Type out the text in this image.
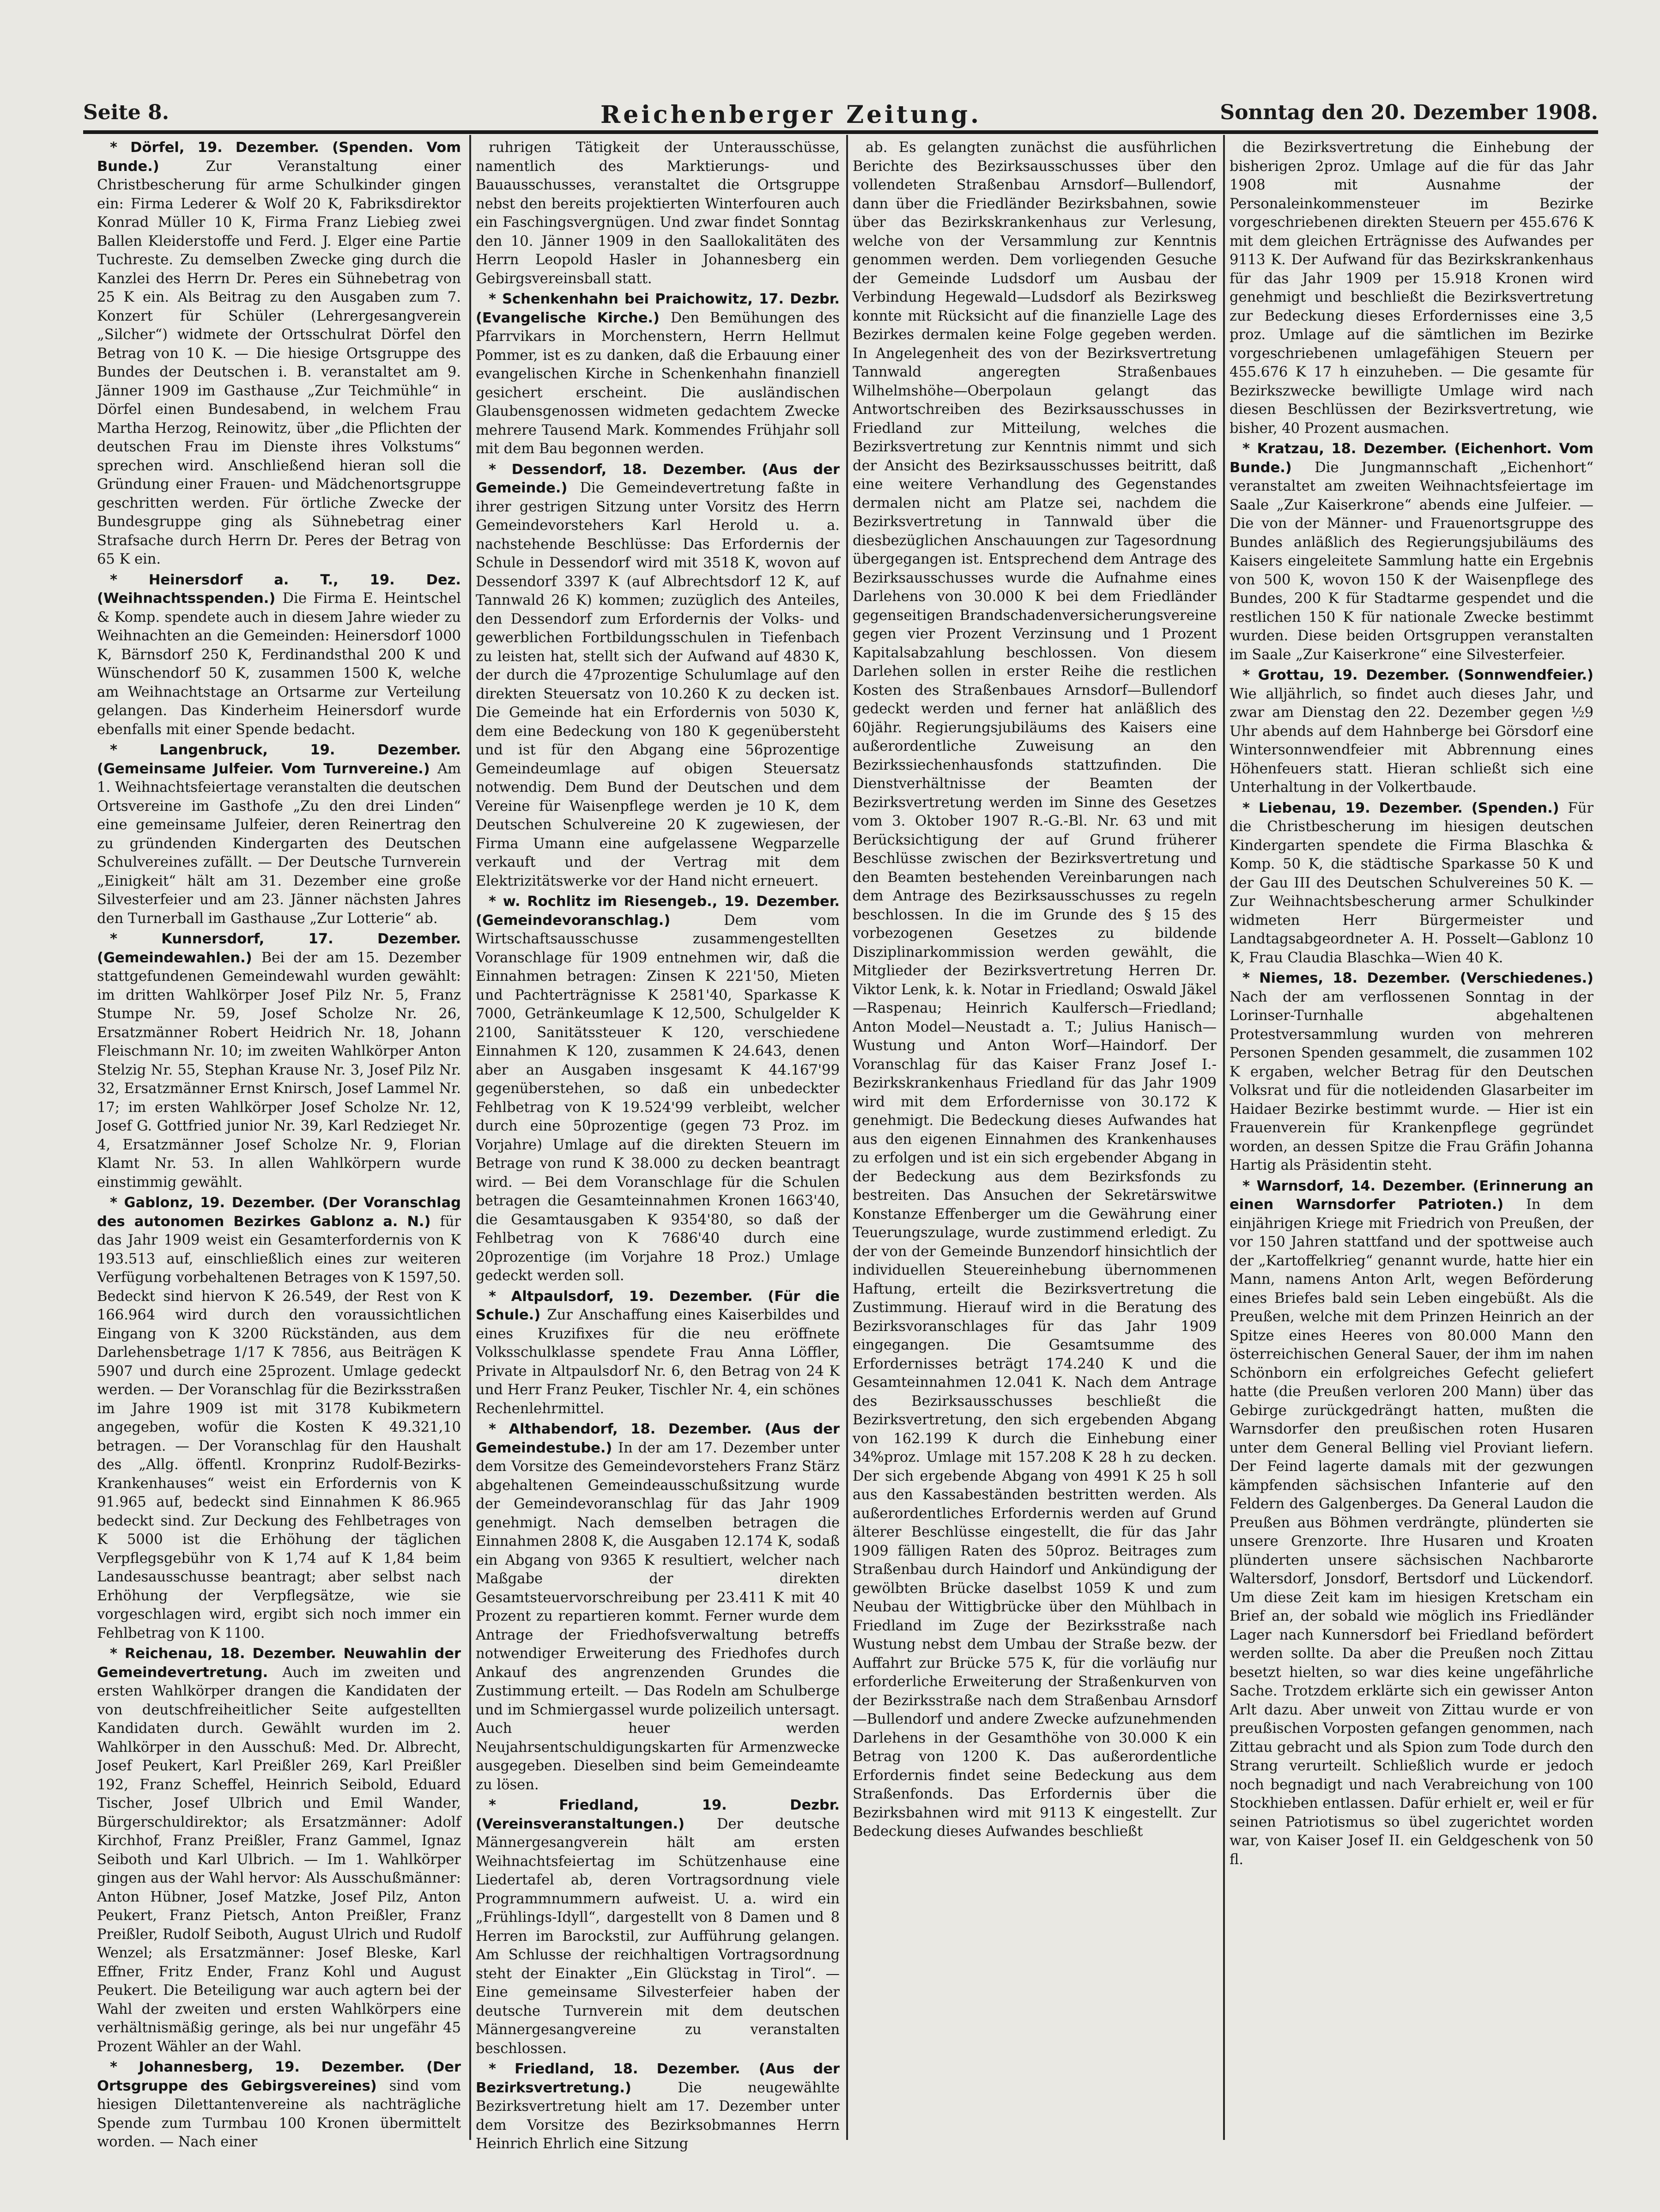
Seite 8.	Reichenberger Zeitung.	Sonntag den 20. Dezember 1908.

* Dörfel, 19. Dezember. (Spenden. Vom Bunde.) Zur Veranstaltung einer Christbescherung für arme Schulkinder gingen ein: Firma Lederer & Wolf 20 K, Fabriksdirektor Konrad Müller 10 K, Firma Franz Liebieg zwei Ballen Kleiderstoffe und Ferd. J. Elger eine Partie Tuchreste. Zu demselben Zwecke ging durch die Kanzlei des Herrn Dr. Peres ein Sühnebetrag von 25 K ein. Als Beitrag zu den Ausgaben zum 7. Konzert für Schüler (Lehrergesangverein „Silcher“) widmete der Ortsschulrat Dörfel den Betrag von 10 K. — Die hiesige Ortsgruppe des Bundes der Deutschen i. B. veranstaltet am 9. Jänner 1909 im Gasthause „Zur Teichmühle“ in Dörfel einen Bundesabend, in welchem Frau Martha Herzog, Reinowitz, über „die Pflichten der deutschen Frau im Dienste ihres Volkstums“ sprechen wird. Anschließend hieran soll die Gründung einer Frauen- und Mädchenortsgruppe geschritten werden. Für örtliche Zwecke der Bundesgruppe ging als Sühnebetrag einer Strafsache durch Herrn Dr. Peres der Betrag von 65 K ein.

* Heinersdorf a. T., 19. Dez. (Weihnachtsspenden.) Die Firma E. Heintschel & Komp. spendete auch in diesem Jahre wieder zu Weihnachten an die Gemeinden: Heinersdorf 1000 K, Bärnsdorf 250 K, Ferdinandsthal 200 K und Wünschendorf 50 K, zusammen 1500 K, welche am Weihnachtstage an Ortsarme zur Verteilung gelangen. Das Kinderheim Heinersdorf wurde ebenfalls mit einer Spende bedacht.

* Langenbruck, 19. Dezember. (Gemeinsame Julfeier. Vom Turnvereine.) Am 1. Weihnachtsfeiertage veranstalten die deutschen Ortsvereine im Gasthofe „Zu den drei Linden“ eine gemeinsame Julfeier, deren Reinertrag den zu gründenden Kindergarten des Deutschen Schulvereines zufällt. — Der Deutsche Turnverein „Einigkeit“ hält am 31. Dezember eine große Silvesterfeier und am 23. Jänner nächsten Jahres den Turnerball im Gasthause „Zur Lotterie“ ab.

* Kunnersdorf, 17. Dezember. (Gemeindewahlen.) Bei der am 15. Dezember stattgefundenen Gemeindewahl wurden gewählt: im dritten Wahlkörper Josef Pilz Nr. 5, Franz Stumpe Nr. 59, Josef Scholze Nr. 26, Ersatzmänner Robert Heidrich Nr. 18, Johann Fleischmann Nr. 10; im zweiten Wahlkörper Anton Stelzig Nr. 55, Stephan Krause Nr. 3, Josef Pilz Nr. 32, Ersatzmänner Ernst Knirsch, Josef Lammel Nr. 17; im ersten Wahlkörper Josef Scholze Nr. 12, Josef G. Gottfried junior Nr. 39, Karl Redzieget Nr. 4, Ersatzmänner Josef Scholze Nr. 9, Florian Klamt Nr. 53. In allen Wahlkörpern wurde einstimmig gewählt.

* Gablonz, 19. Dezember. (Der Voranschlag des autonomen Bezirkes Gablonz a. N.) für das Jahr 1909 weist ein Gesamterfordernis von K 193.513 auf, einschließlich eines zur weiteren Verfügung vorbehaltenen Betrages von K 1597,50. Bedeckt sind hiervon K 26.549, der Rest von K 166.964 wird durch den voraussichtlichen Eingang von K 3200 Rückständen, aus dem Darlehensbetrage 1/17 K 7856, aus Beiträgen K 5907 und durch eine 25prozent. Umlage gedeckt werden. — Der Voranschlag für die Bezirksstraßen im Jahre 1909 ist mit 3178 Kubikmetern angegeben, wofür die Kosten K 49.321,10 betragen. — Der Voranschlag für den Haushalt des „Allg. öffentl. Kronprinz Rudolf-Bezirks-Krankenhauses“ weist ein Erfordernis von K 91.965 auf, bedeckt sind Einnahmen K 86.965 bedeckt sind. Zur Deckung des Fehlbetrages von K 5000 ist die Erhöhung der täglichen Verpflegsgebühr von K 1,74 auf K 1,84 beim Landesausschusse beantragt; aber selbst nach Erhöhung der Verpflegsätze, wie sie vorgeschlagen wird, ergibt sich noch immer ein Fehlbetrag von K 1100.

* Reichenau, 18. Dezember. Neuwahlin der Gemeindevertretung. Auch im zweiten und ersten Wahlkörper drangen die Kandidaten der von deutschfreiheitlicher Seite aufgestellten Kandidaten durch. Gewählt wurden im 2. Wahlkörper in den Ausschuß: Med. Dr. Albrecht, Josef Peukert, Karl Preißler 269, Karl Preißler 192, Franz Scheffel, Heinrich Seibold, Eduard Tischer, Josef Ulbrich und Emil Wander, Bürgerschuldirektor; als Ersatzmänner: Adolf Kirchhof, Franz Preißler, Franz Gammel, Ignaz Seiboth und Karl Ulbrich. — Im 1. Wahlkörper gingen aus der Wahl hervor: Als Ausschußmänner: Anton Hübner, Josef Matzke, Josef Pilz, Anton Peukert, Franz Pietsch, Anton Preißler, Franz Preißler, Rudolf Seiboth, August Ulrich und Rudolf Wenzel; als Ersatzmänner: Josef Bleske, Karl Effner, Fritz Ender, Franz Kohl und August Peukert. Die Beteiligung war auch agtern bei der Wahl der zweiten und ersten Wahlkörpers eine verhältnismäßig geringe, als bei nur ungefähr 45 Prozent Wähler an der Wahl.

* Johannesberg, 19. Dezember. (Der Ortsgruppe des Gebirgsvereines) sind vom hiesigen Dilettantenvereine als nachträgliche Spende zum Turmbau 100 Kronen übermittelt worden. — Nach einer

ruhrigen Tätigkeit der Unterausschüsse, namentlich des Marktierungs- und Bauausschusses, veranstaltet die Ortsgruppe nebst den bereits projektierten Winterfouren auch ein Faschingsvergnügen. Und zwar findet Sonntag den 10. Jänner 1909 in den Saallokalitäten des Herrn Leopold Hasler in Johannesberg ein Gebirgsvereinsball statt.

* Schenkenhahn bei Praichowitz, 17. Dezbr. (Evangelische Kirche.) Den Bemühungen des Pfarrvikars in Morchenstern, Herrn Hellmut Pommer, ist es zu danken, daß die Erbauung einer evangelischen Kirche in Schenkenhahn finanziell gesichert erscheint. Die ausländischen Glaubensgenossen widmeten gedachtem Zwecke mehrere Tausend Mark. Kommendes Frühjahr soll mit dem Bau begonnen werden.

* Dessendorf, 18. Dezember. (Aus der Gemeinde.) Die Gemeindevertretung faßte in ihrer gestrigen Sitzung unter Vorsitz des Herrn Gemeindevorstehers Karl Herold u. a. nachstehende Beschlüsse: Das Erfordernis der Schule in Dessendorf wird mit 3518 K, wovon auf Dessendorf 3397 K (auf Albrechtsdorf 12 K, auf Tannwald 26 K) kommen; zuzüglich des Anteiles, den Dessendorf zum Erfordernis der Volks- und gewerblichen Fortbildungsschulen in Tiefenbach zu leisten hat, stellt sich der Aufwand auf 4830 K, der durch die 47prozentige Schulumlage auf den direkten Steuersatz von 10.260 K zu decken ist. Die Gemeinde hat ein Erfordernis von 5030 K, dem eine Bedeckung von 180 K gegenübersteht und ist für den Abgang eine 56prozentige Gemeindeumlage auf obigen Steuersatz notwendig. Dem Bund der Deutschen und dem Vereine für Waisenpflege werden je 10 K, dem Deutschen Schulvereine 20 K zugewiesen, der Firma Umann eine aufgelassene Wegparzelle verkauft und der Vertrag mit dem Elektrizitätswerke vor der Hand nicht erneuert.

* w. Rochlitz im Riesengeb., 19. Dezember. (Gemeindevoranschlag.) Dem vom Wirtschaftsausschusse zusammengestellten Voranschlage für 1909 entnehmen wir, daß die Einnahmen betragen: Zinsen K 221'50, Mieten und Pachterträgnisse K 2581'40, Sparkasse K 7000, Getränkeumlage K 12,500, Schulgelder K 2100, Sanitätssteuer K 120, verschiedene Einnahmen K 120, zusammen K 24.643, denen aber an Ausgaben insgesamt K 44.167'99 gegenüberstehen, so daß ein unbedeckter Fehlbetrag von K 19.524'99 verbleibt, welcher durch eine 50prozentige (gegen 73 Proz. im Vorjahre) Umlage auf die direkten Steuern im Betrage von rund K 38.000 zu decken beantragt wird. — Bei dem Voranschlage für die Schulen betragen die Gesamteinnahmen Kronen 1663'40, die Gesamtausgaben K 9354'80, so daß der Fehlbetrag von K 7686'40 durch eine 20prozentige (im Vorjahre 18 Proz.) Umlage gedeckt werden soll.

* Altpaulsdorf, 19. Dezember. (Für die Schule.) Zur Anschaffung eines Kaiserbildes und eines Kruzifixes für die neu eröffnete Volksschulklasse spendete Frau Anna Löffler, Private in Altpaulsdorf Nr. 6, den Betrag von 24 K und Herr Franz Peuker, Tischler Nr. 4, ein schönes Rechenlehrmittel.

* Althabendorf, 18. Dezember. (Aus der Gemeindestube.) In der am 17. Dezember unter dem Vorsitze des Gemeindevorstehers Franz Stärz abgehaltenen Gemeindeausschußsitzung wurde der Gemeindevoranschlag für das Jahr 1909 genehmigt. Nach demselben betragen die Einnahmen 2808 K, die Ausgaben 12.174 K, sodaß ein Abgang von 9365 K resultiert, welcher nach Maßgabe der direkten Gesamtsteuervorschreibung per 23.411 K mit 40 Prozent zu repartieren kommt. Ferner wurde dem Antrage der Friedhofsverwaltung betreffs notwendiger Erweiterung des Friedhofes durch Ankauf des angrenzenden Grundes die Zustimmung erteilt. — Das Rodeln am Schulberge und im Schmiergassel wurde polizeilich untersagt. Auch heuer werden Neujahrsentschuldigungskarten für Armenzwecke ausgegeben. Dieselben sind beim Gemeindeamte zu lösen.

* Friedland, 19. Dezbr. (Vereinsveranstaltungen.) Der deutsche Männergesangverein hält am ersten Weihnachtsfeiertag im Schützenhause eine Liedertafel ab, deren Vortragsordnung viele Programmnummern aufweist. U. a. wird ein „Frühlings-Idyll“, dargestellt von 8 Damen und 8 Herren im Barockstil, zur Aufführung gelangen. Am Schlusse der reichhaltigen Vortragsordnung steht der Einakter „Ein Glückstag in Tirol“. — Eine gemeinsame Silvesterfeier haben der deutsche Turnverein mit dem deutschen Männergesangvereine zu veranstalten beschlossen.

* Friedland, 18. Dezember. (Aus der Bezirksvertretung.) Die neugewählte Bezirksvertretung hielt am 17. Dezember unter dem Vorsitze des Bezirksobmannes Herrn Heinrich Ehrlich eine Sitzung

ab. Es gelangten zunächst die ausführlichen Berichte des Bezirksausschusses über den vollendeten Straßenbau Arnsdorf—Bullendorf, dann über die Friedländer Bezirksbahnen, sowie über das Bezirkskrankenhaus zur Verlesung, welche von der Versammlung zur Kenntnis genommen werden. Dem vorliegenden Gesuche der Gemeinde Ludsdorf um Ausbau der Verbindung Hegewald—Ludsdorf als Bezirksweg konnte mit Rücksicht auf die finanzielle Lage des Bezirkes dermalen keine Folge gegeben werden. In Angelegenheit des von der Bezirksvertretung Tannwald angeregten Straßenbaues Wilhelmshöhe—Oberpolaun gelangt das Antwortschreiben des Bezirksausschusses in Friedland zur Mitteilung, welches die Bezirksvertretung zur Kenntnis nimmt und sich der Ansicht des Bezirksausschusses beitritt, daß eine weitere Verhandlung des Gegenstandes dermalen nicht am Platze sei, nachdem die Bezirksvertretung in Tannwald über die diesbezüglichen Anschauungen zur Tagesordnung übergegangen ist. Entsprechend dem Antrage des Bezirksausschusses wurde die Aufnahme eines Darlehens von 30.000 K bei dem Friedländer gegenseitigen Brandschadenversicherungsvereine gegen vier Prozent Verzinsung und 1 Prozent Kapitalsabzahlung beschlossen. Von diesem Darlehen sollen in erster Reihe die restlichen Kosten des Straßenbaues Arnsdorf—Bullendorf gedeckt werden und ferner hat anläßlich des 60jähr. Regierungsjubiläums des Kaisers eine außerordentliche Zuweisung an den Bezirkssiechenhausfonds stattzufinden. Die Dienstverhältnisse der Beamten der Bezirksvertretung werden im Sinne des Gesetzes vom 3. Oktober 1907 R.-G.-Bl. Nr. 63 und mit Berücksichtigung der auf Grund früherer Beschlüsse zwischen der Bezirksvertretung und den Beamten bestehenden Vereinbarungen nach dem Antrage des Bezirksausschusses zu regeln beschlossen. In die im Grunde des § 15 des vorbezogenen Gesetzes zu bildende Disziplinarkommission werden gewählt, die Mitglieder der Bezirksvertretung Herren Dr. Viktor Lenk, k. k. Notar in Friedland; Oswald Jäkel—Raspenau; Heinrich Kaulfersch—Friedland; Anton Model—Neustadt a. T.; Julius Hanisch—Wustung und Anton Worf—Haindorf. Der Voranschlag für das Kaiser Franz Josef I.-Bezirkskrankenhaus Friedland für das Jahr 1909 wird mit dem Erfordernisse von 30.172 K genehmigt. Die Bedeckung dieses Aufwandes hat aus den eigenen Einnahmen des Krankenhauses zu erfolgen und ist ein sich ergebender Abgang in der Bedeckung aus dem Bezirksfonds zu bestreiten. Das Ansuchen der Sekretärswitwe Konstanze Effenberger um die Gewährung einer Teuerungszulage, wurde zustimmend erledigt. Zu der von der Gemeinde Bunzendorf hinsichtlich der individuellen Steuereinhebung übernommenen Haftung, erteilt die Bezirksvertretung die Zustimmung. Hierauf wird in die Beratung des Bezirksvoranschlages für das Jahr 1909 eingegangen. Die Gesamtsumme des Erfordernisses beträgt 174.240 K und die Gesamteinnahmen 12.041 K. Nach dem Antrage des Bezirksausschusses beschließt die Bezirksvertretung, den sich ergebenden Abgang von 162.199 K durch die Einhebung einer 34%proz. Umlage mit 157.208 K 28 h zu decken. Der sich ergebende Abgang von 4991 K 25 h soll aus den Kassabeständen bestritten werden. Als außerordentliches Erfordernis werden auf Grund älterer Beschlüsse eingestellt, die für das Jahr 1909 fälligen Raten des 50proz. Beitrages zum Straßenbau durch Haindorf und Ankündigung der gewölbten Brücke daselbst 1059 K und zum Neubau der Wittigbrücke über den Mühlbach in Friedland im Zuge der Bezirksstraße nach Wustung nebst dem Umbau der Straße bezw. der Auffahrt zur Brücke 575 K, für die vorläufig nur erforderliche Erweiterung der Straßenkurven von der Bezirksstraße nach dem Straßenbau Arnsdorf—Bullendorf und andere Zwecke aufzunehmenden Darlehens in der Gesamthöhe von 30.000 K ein Betrag von 1200 K. Das außerordentliche Erfordernis findet seine Bedeckung aus dem Straßenfonds. Das Erfordernis über die Bezirksbahnen wird mit 9113 K eingestellt. Zur Bedeckung dieses Aufwandes beschließt

die Bezirksvertretung die Einhebung der bisherigen 2proz. Umlage auf die für das Jahr 1908 mit Ausnahme der Personaleinkommensteuer im Bezirke vorgeschriebenen direkten Steuern per 455.676 K mit dem gleichen Erträgnisse des Aufwandes per 9113 K. Der Aufwand für das Bezirkskrankenhaus für das Jahr 1909 per 15.918 Kronen wird genehmigt und beschließt die Bezirksvertretung zur Bedeckung dieses Erfordernisses eine 3,5 proz. Umlage auf die sämtlichen im Bezirke vorgeschriebenen umlagefähigen Steuern per 455.676 K 17 h einzuheben. — Die gesamte für Bezirkszwecke bewilligte Umlage wird nach diesen Beschlüssen der Bezirksvertretung, wie bisher, 40 Prozent ausmachen.

* Kratzau, 18. Dezember. (Eichenhort. Vom Bunde.) Die Jungmannschaft „Eichenhort“ veranstaltet am zweiten Weihnachtsfeiertage im Saale „Zur Kaiserkrone“ abends eine Julfeier. — Die von der Männer- und Frauenortsgruppe des Bundes anläßlich des Regierungsjubiläums des Kaisers eingeleitete Sammlung hatte ein Ergebnis von 500 K, wovon 150 K der Waisenpflege des Bundes, 200 K für Stadtarme gespendet und die restlichen 150 K für nationale Zwecke bestimmt wurden. Diese beiden Ortsgruppen veranstalten im Saale „Zur Kaiserkrone“ eine Silvesterfeier.

* Grottau, 19. Dezember. (Sonnwendfeier.) Wie alljährlich, so findet auch dieses Jahr, und zwar am Dienstag den 22. Dezember gegen ½9 Uhr abends auf dem Hahnberge bei Görsdorf eine Wintersonnwendfeier mit Abbrennung eines Höhenfeuers statt. Hieran schließt sich eine Unterhaltung in der Volkertbaude.

* Liebenau, 19. Dezember. (Spenden.) Für die Christbescherung im hiesigen deutschen Kindergarten spendete die Firma Blaschka & Komp. 50 K, die städtische Sparkasse 50 K und der Gau III des Deutschen Schulvereines 50 K. — Zur Weihnachtsbescherung armer Schulkinder widmeten Herr Bürgermeister und Landtagsabgeordneter A. H. Posselt—Gablonz 10 K, Frau Claudia Blaschka—Wien 40 K.

* Niemes, 18. Dezember. (Verschiedenes.) Nach der am verflossenen Sonntag in der Lorinser-Turnhalle abgehaltenen Protestversammlung wurden von mehreren Personen Spenden gesammelt, die zusammen 102 K ergaben, welcher Betrag für den Deutschen Volksrat und für die notleidenden Glasarbeiter im Haidaer Bezirke bestimmt wurde. — Hier ist ein Frauenverein für Krankenpflege gegründet worden, an dessen Spitze die Frau Gräfin Johanna Hartig als Präsidentin steht.

* Warnsdorf, 14. Dezember. (Erinnerung an einen Warnsdorfer Patrioten.) In dem einjährigen Kriege mit Friedrich von Preußen, der vor 150 Jahren stattfand und der spottweise auch der „Kartoffelkrieg“ genannt wurde, hatte hier ein Mann, namens Anton Arlt, wegen Beförderung eines Briefes bald sein Leben eingebüßt. Als die Preußen, welche mit dem Prinzen Heinrich an der Spitze eines Heeres von 80.000 Mann den österreichischen General Sauer, der ihm im nahen Schönborn ein erfolgreiches Gefecht geliefert hatte (die Preußen verloren 200 Mann) über das Gebirge zurückgedrängt hatten, mußten die Warnsdorfer den preußischen roten Husaren unter dem General Belling viel Proviant liefern. Der Feind lagerte damals mit der gezwungen kämpfenden sächsischen Infanterie auf den Feldern des Galgenberges. Da General Laudon die Preußen aus Böhmen verdrängte, plünderten sie unsere Grenzorte. Ihre Husaren und Kroaten plünderten unsere sächsischen Nachbarorte Waltersdorf, Jonsdorf, Bertsdorf und Lückendorf. Um diese Zeit kam im hiesigen Kretscham ein Brief an, der sobald wie möglich ins Friedländer Lager nach Kunnersdorf bei Friedland befördert werden sollte. Da aber die Preußen noch Zittau besetzt hielten, so war dies keine ungefährliche Sache. Trotzdem erklärte sich ein gewisser Anton Arlt dazu. Aber unweit von Zittau wurde er von preußischen Vorposten gefangen genommen, nach Zittau gebracht und als Spion zum Tode durch den Strang verurteilt. Schließlich wurde er jedoch noch begnadigt und nach Verabreichung von 100 Stockhieben entlassen. Dafür erhielt er, weil er für seinen Patriotismus so übel zugerichtet worden war, von Kaiser Josef II. ein Geldgeschenk von 50 fl.
